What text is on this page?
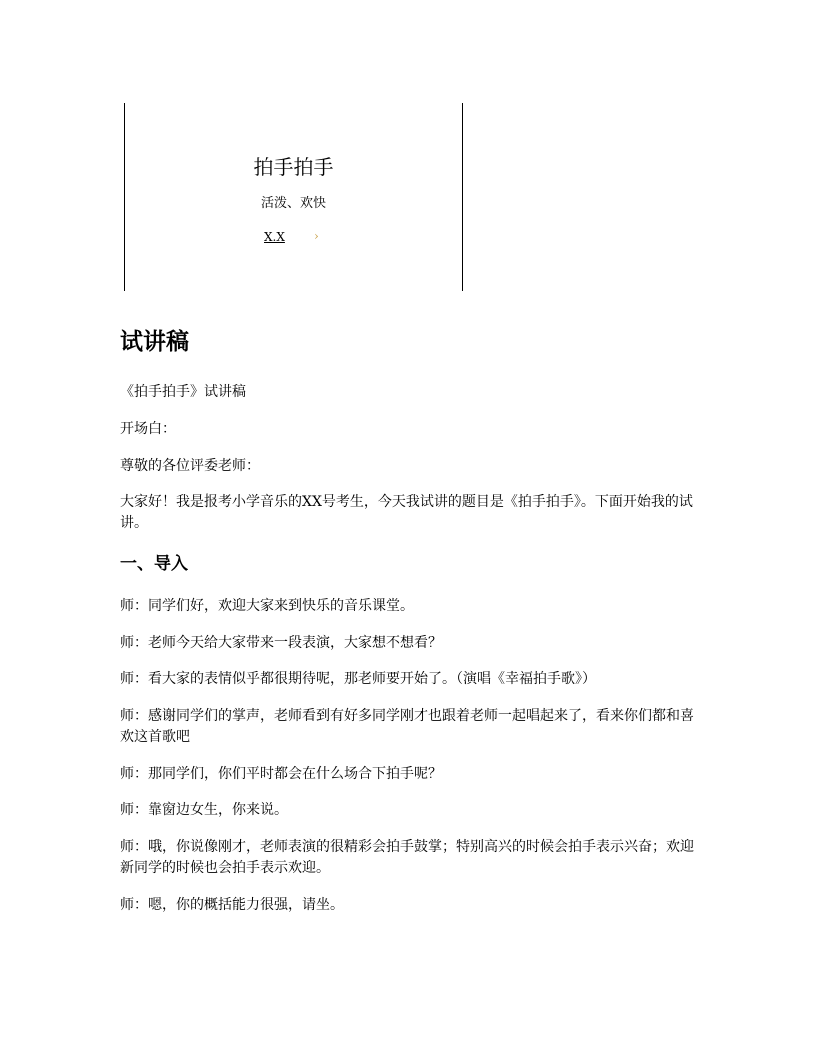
拍手拍手
活泼、欢快
X.X ›
试讲稿

《拍手拍手》试讲稿

开场白：

尊敬的各位评委老师：

大家好！我是报考小学音乐的XX号考生，今天我试讲的题目是《拍手拍手》。下面开始我的试讲。

一、导入

师：同学们好，欢迎大家来到快乐的音乐课堂。

师：老师今天给大家带来一段表演，大家想不想看？

师：看大家的表情似乎都很期待呢，那老师要开始了。（演唱《幸福拍手歌》）

师：感谢同学们的掌声，老师看到有好多同学刚才也跟着老师一起唱起来了，看来你们都和喜欢这首歌吧

师：那同学们，你们平时都会在什么场合下拍手呢？

师：靠窗边女生，你来说。

师：哦，你说像刚才，老师表演的很精彩会拍手鼓掌；特别高兴的时候会拍手表示兴奋；欢迎新同学的时候也会拍手表示欢迎。

师：嗯，你的概括能力很强，请坐。
